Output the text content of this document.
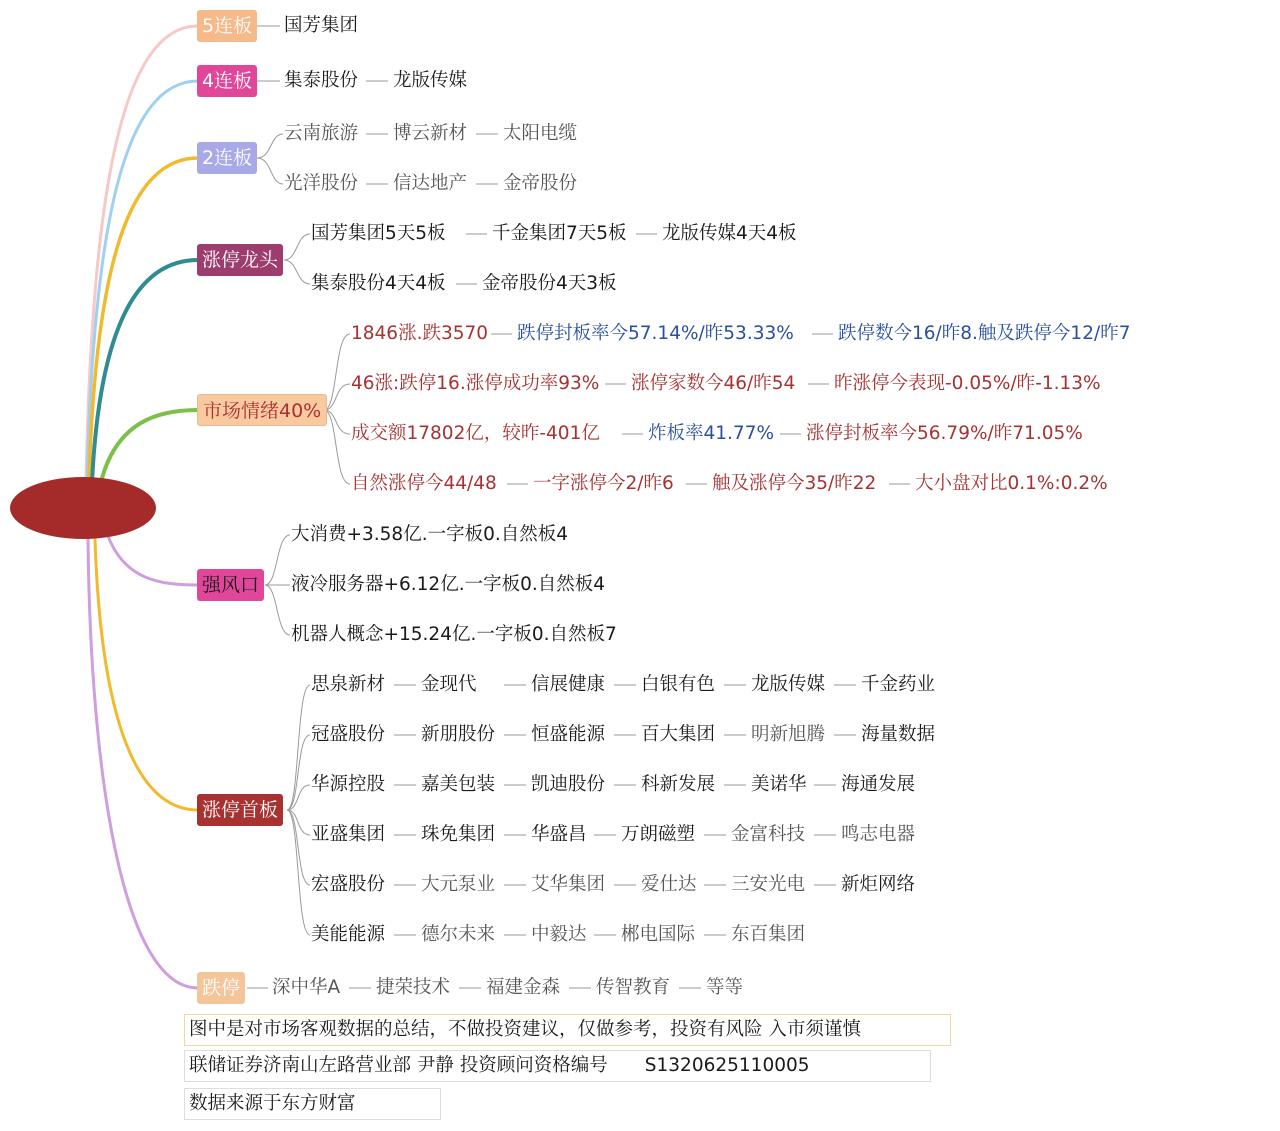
5连板
4连板
2连板
涨停龙头
市场情绪40%
强风口
涨停首板
跌停
国芳集团
集泰股份 龙版传媒
云南旅游 博云新材 太阳电缆
光洋股份 信达地产 金帝股份
国芳集团5天5板	千金集团7天5板 龙版传媒4天4板
集泰股份4天4板 金帝股份4天3板
1846涨.跌3570 跌停封板率今57.14%/昨53.33% 跌停数今16/昨8.触及跌停今12/昨7
46涨:跌停16.涨停成功率93% 涨停家数今46/昨54 昨涨停今表现-0.05%/昨-1.13%
成交额17802亿，较昨-401亿	炸板率41.77% 涨停封板率今56.79%/昨71.05%
自然涨停今44/48 一字涨停今2/昨6 触及涨停今35/昨22 大小盘对比0.1%:0.2%
大消费+3.58亿.一字板0.自然板4
液冷服务器+6.12亿.一字板0.自然板4
机器人概念+15.24亿.一字板0.自然板7
思泉新材 金现代	信展健康 白银有色 龙版传媒 千金药业
冠盛股份 新朋股份 恒盛能源 百大集团 明新旭腾 海量数据
华源控股 嘉美包装 凯迪股份 科新发展 美诺华 海通发展
亚盛集团 珠免集团 华盛昌 万朗磁塑 金富科技 鸣志电器
宏盛股份 大元泵业 艾华集团 爱仕达 三安光电 新炬网络
美能能源 德尔未来 中毅达 郴电国际 东百集团
深中华A 捷荣技术 福建金森 传智教育 等等
图中是对市场客观数据的总结，不做投资建议，仅做参考，投资有风险 入市须谨慎
联储证券济南山左路营业部 尹静 投资顾问资格编号　　S1320625110005
数据来源于东方财富
